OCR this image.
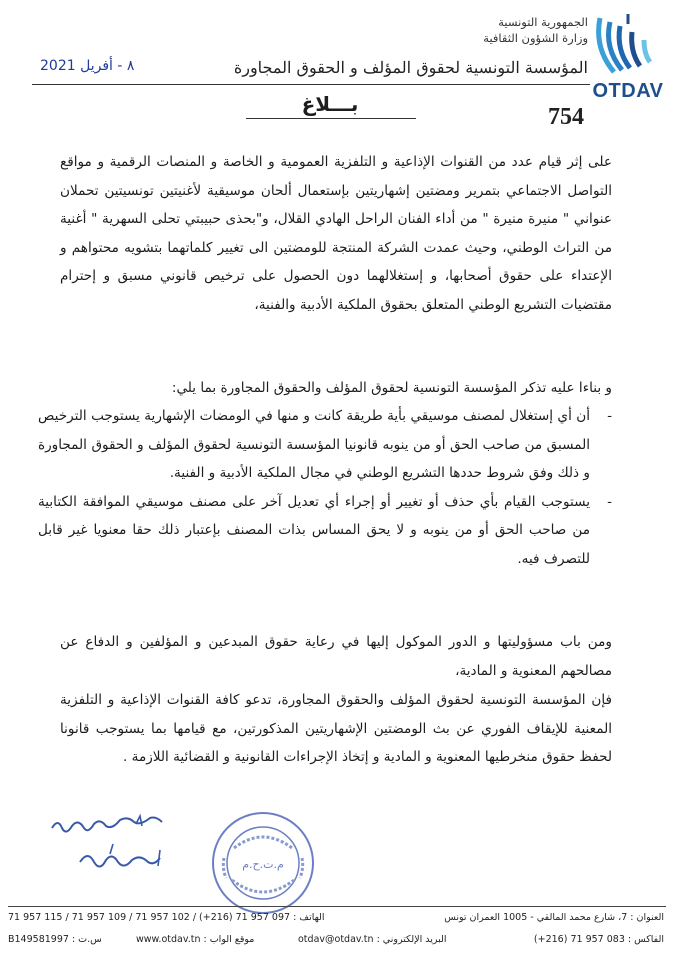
OTDAV
الجمهورية التونسية
وزارة الشؤون الثقافية
المؤسسة التونسية لحقوق المؤلف و الحقوق المجاورة
٨ - أفريل 2021
بـــلاغ	754
على إثر قيام عدد من القنوات الإذاعية و التلفزية العمومية و الخاصة و المنصات الرقمية و مواقع التواصل الاجتماعي بتمرير ومضتين إشهاريتين بإستعمال ألحان موسيقية لأغنيتين تونسيتين تحملان عنواني " منيرة منيرة " من أداء الفنان الراحل الهادي القلال، و"بحذى حبيبتي تحلى السهرية " أغنية من التراث الوطني، وحيث عمدت الشركة المنتجة للومضتين الى تغيير كلماتهما بتشويه محتواهم و الإعتداء على حقوق أصحابها، و إستغلالهما دون الحصول على ترخيص قانوني مسبق و إحترام مقتضيات التشريع الوطني المتعلق بحقوق الملكية الأدبية والفنية،
و بناءا عليه تذكر المؤسسة التونسية لحقوق المؤلف والحقوق المجاورة بما يلي:
-
أن أي إستغلال لمصنف موسيقي بأية طريقة كانت و منها في الومضات الإشهارية يستوجب الترخيص المسبق من صاحب الحق أو من ينوبه قانونيا المؤسسة التونسية لحقوق المؤلف و الحقوق المجاورة و ذلك وفق شروط حددها التشريع الوطني في مجال الملكية الأدبية و الفنية.
-
يستوجب القيام بأي حذف أو تغيير أو إجراء أي تعديل آخر على مصنف موسيقي الموافقة الكتابية من صاحب الحق أو من ينوبه و لا يحق المساس بذات المصنف بإعتبار ذلك حقا معنويا غير قابل للتصرف فيه.
ومن باب مسؤوليتها و الدور الموكول إليها في رعاية حقوق المبدعين و المؤلفين و الدفاع عن مصالحهم المعنوية و المادية،
فإن المؤسسة التونسية لحقوق المؤلف والحقوق المجاورة، تدعو كافة القنوات الإذاعية و التلفزية المعنية للإيقاف الفوري عن بث الومضتين الإشهاريتين المذكورتين، مع قيامها بما يستوجب قانونا لحفظ حقوق منخرطيها المعنوية و المادية و إتخاذ الإجراءات القانونية و القضائية اللازمة .
م.ت.ح.م
العنوان : 7، شارع محمد المالقي - 1005 العمران تونس
الفاكس : 083 957 71 (216+)
الهاتف : 097 957 71 (216+) / 102 957 71 / 109 957 71 / 115 957 71
البريد الإلكتروني : otdav@otdav.tn
موقع الواب : www.otdav.tn
س.ت : B149581997
